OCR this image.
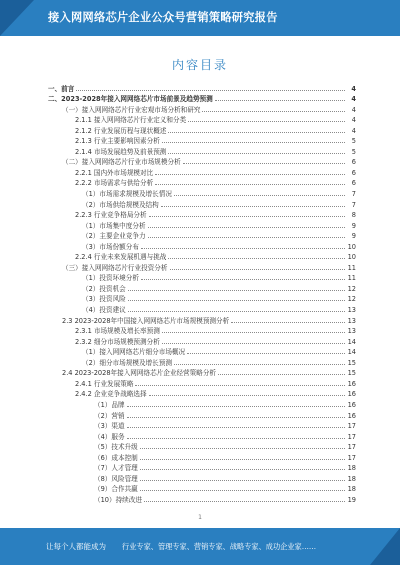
接入网网络芯片企业公众号营销策略研究报告
内容目录
一、前言	4
二、2023-2028年接入网网络芯片市场前景及趋势预测	4
（一）接入网网络芯片行业宏观市场分析和研究	4
2.1.1 接入网网络芯片行业定义和分类	4
2.1.2 行业发展历程与现状概述	4
2.1.3 行业主要影响因素分析	5
2.1.4 市场发展趋势及前景预测	5
（二）接入网网络芯片行业市场规模分析	6
2.2.1 国内外市场规模对比	6
2.2.2 市场需求与供给分析	6
（1）市场需求规模及增长情况	7
（2）市场供给规模及结构	7
2.2.3 行业竞争格局分析	8
（1）市场集中度分析	9
（2）主要企业竞争力	9
（3）市场份额分布	10
2.2.4 行业未来发展机遇与挑战	10
（三）接入网网络芯片行业投资分析	11
（1）投资环境分析	11
（2）投资机会	12
（3）投资风险	12
（4）投资建议	13
2.3 2023-2028年中国接入网网络芯片市场规模预测分析	13
2.3.1 市场规模及增长率预测	13
2.3.2 细分市场规模预测分析	14
（1）接入网网络芯片细分市场概况	14
（2）细分市场规模及增长预测	15
2.4 2023-2028年接入网网络芯片企业经营策略分析	15
2.4.1 行业发展策略	16
2.4.2 企业竞争战略选择	16
（1）品牌	16
（2）营销	16
（3）渠道	17
（4）服务	17
（5）技术升级	17
（6）成本控制	17
（7）人才管理	18
（8）风险管理	18
（9）合作共赢	18
（10）持续改进	19
1
让每个人都能成为 行业专家、管理专家、营销专家、战略专家、成功企业家……
